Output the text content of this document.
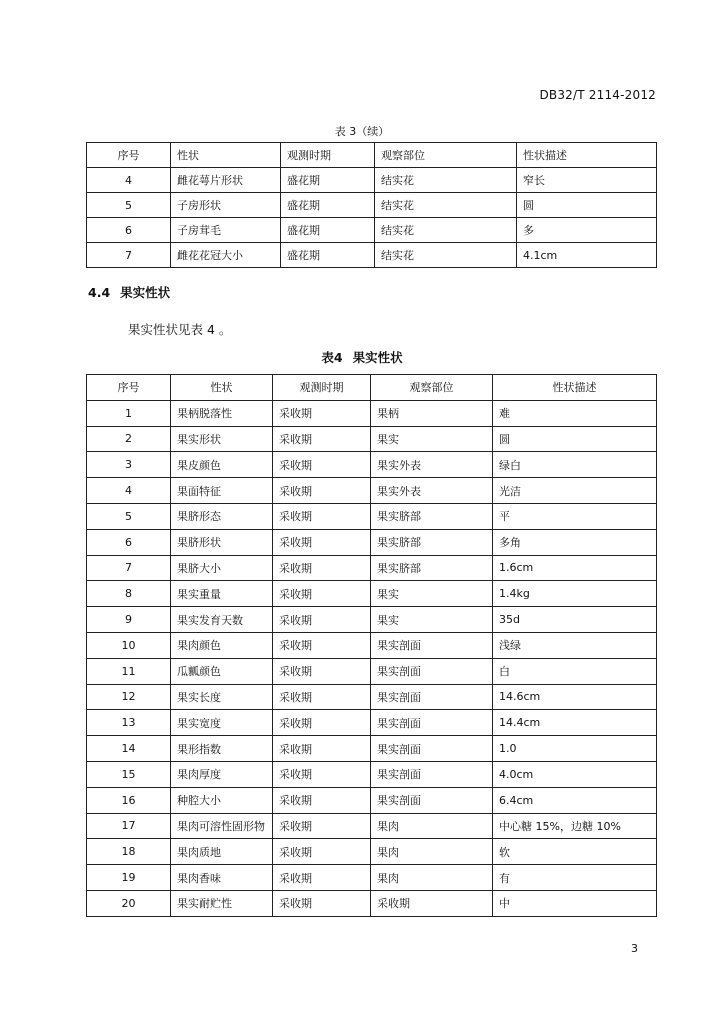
DB32/T 2114-2012
表 3（续）
序号	性状	观测时期	观察部位	性状描述
4	雌花萼片形状	盛花期	结实花	窄长
5	子房形状	盛花期	结实花	圆
6	子房茸毛	盛花期	结实花	多
7	雌花花冠大小	盛花期	结实花	4.1cm
4.4 果实性状
果实性状见表 4 。
表4 果实性状
序号	性状	观测时期	观察部位	性状描述
1	果柄脱落性	采收期	果柄	难
2	果实形状	采收期	果实	圆
3	果皮颜色	采收期	果实外表	绿白
4	果面特征	采收期	果实外表	光洁
5	果脐形态	采收期	果实脐部	平
6	果脐形状	采收期	果实脐部	多角
7	果脐大小	采收期	果实脐部	1.6cm
8	果实重量	采收期	果实	1.4kg
9	果实发育天数	采收期	果实	35d
10	果肉颜色	采收期	果实剖面	浅绿
11	瓜瓤颜色	采收期	果实剖面	白
12	果实长度	采收期	果实剖面	14.6cm
13	果实宽度	采收期	果实剖面	14.4cm
14	果形指数	采收期	果实剖面	1.0
15	果肉厚度	采收期	果实剖面	4.0cm
16	种腔大小	采收期	果实剖面	6.4cm
17	果肉可溶性固形物	采收期	果肉	中心糖 15%，边糖 10%
18	果肉质地	采收期	果肉	软
19	果肉香味	采收期	果肉	有
20	果实耐贮性	采收期	采收期	中
3
